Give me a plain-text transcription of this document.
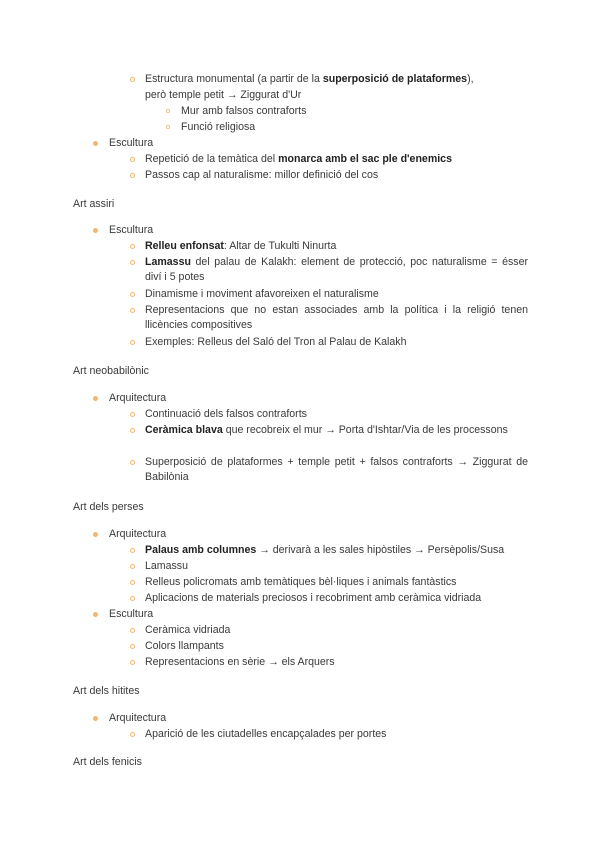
Estructura monumental (a partir de la superposició de plataformes),
però temple petit → Ziggurat d'Ur
Mur amb falsos contraforts
Funció religiosa
Escultura
Repetició de la temàtica del monarca amb el sac ple d'enemics
Passos cap al naturalisme: millor definició del cos
Art assiri
Escultura
Relleu enfonsat: Altar de Tukulti Ninurta
Lamassu del palau de Kalakh: element de protecció, poc naturalisme = ésser diví i 5 potes
Dinamisme i moviment afavoreixen el naturalisme
Representacions que no estan associades amb la política i la religió tenen llicències compositives
Exemples: Relleus del Saló del Tron al Palau de Kalakh
Art neobabilònic
Arquitectura
Continuació dels falsos contraforts
Ceràmica blava que recobreix el mur → Porta d'Ishtar/Via de les processons
Superposició de plataformes + temple petit + falsos contraforts → Ziggurat de Babilònia
Art dels perses
Arquitectura
Palaus amb columnes → derivarà a les sales hipòstiles → Persèpolis/Susa
Lamassu
Relleus policromats amb temàtiques bèl·liques i animals fantàstics
Aplicacions de materials preciosos i recobriment amb ceràmica vidriada
Escultura
Ceràmica vidriada
Colors llampants
Representacions en sèrie → els Arquers
Art dels hitites
Arquitectura
Aparició de les ciutadelles encapçalades per portes
Art dels fenicis
